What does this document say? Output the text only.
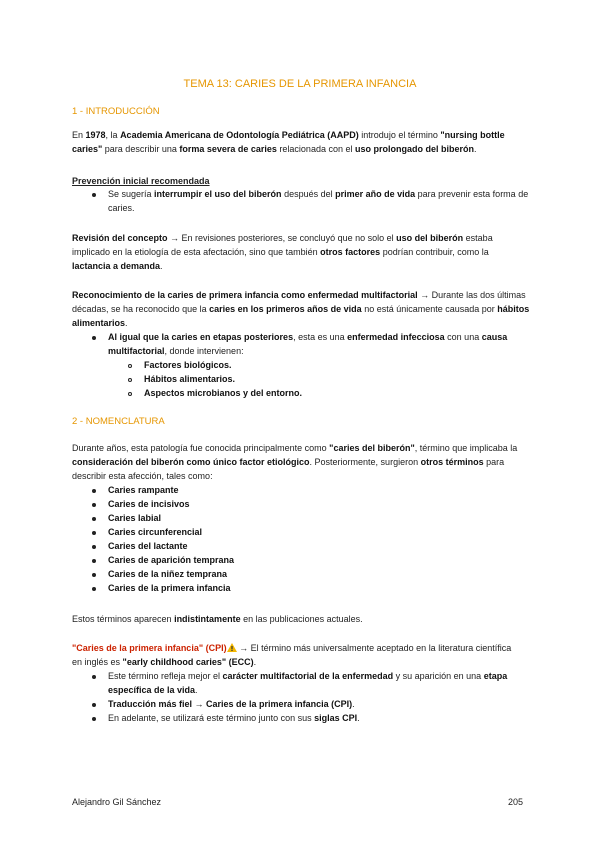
TEMA 13: CARIES DE LA PRIMERA INFANCIA
1 - INTRODUCCIÓN
En 1978, la Academia Americana de Odontología Pediátrica (AAPD) introdujo el término "nursing bottle
caries" para describir una forma severa de caries relacionada con el uso prolongado del biberón.
Prevención inicial recomendada
Se sugería interrumpir el uso del biberón después del primer año de vida para prevenir esta forma de
caries.
Revisión del concepto → En revisiones posteriores, se concluyó que no solo el uso del biberón estaba
implicado en la etiología de esta afectación, sino que también otros factores podrían contribuir, como la
lactancia a demanda.
Reconocimiento de la caries de primera infancia como enfermedad multifactorial → Durante las dos últimas
décadas, se ha reconocido que la caries en los primeros años de vida no está únicamente causada por hábitos
alimentarios.
Al igual que la caries en etapas posteriores, esta es una enfermedad infecciosa con una causa
multifactorial, donde intervienen:
Factores biológicos.
Hábitos alimentarios.
Aspectos microbianos y del entorno.
2 - NOMENCLATURA
Durante años, esta patología fue conocida principalmente como "caries del biberón", término que implicaba la
consideración del biberón como único factor etiológico. Posteriormente, surgieron otros términos para
describir esta afección, tales como:
Caries rampante
Caries de incisivos
Caries labial
Caries circunferencial
Caries del lactante
Caries de aparición temprana
Caries de la niñez temprana
Caries de la primera infancia
Estos términos aparecen indistintamente en las publicaciones actuales.
"Caries de la primera infancia" (CPI) → El término más universalmente aceptado en la literatura científica
en inglés es "early childhood caries" (ECC).
Este término refleja mejor el carácter multifactorial de la enfermedad y su aparición en una etapa
específica de la vida.
Traducción más fiel → Caries de la primera infancia (CPI).
En adelante, se utilizará este término junto con sus siglas CPI.
Alejandro Gil Sánchez	205
